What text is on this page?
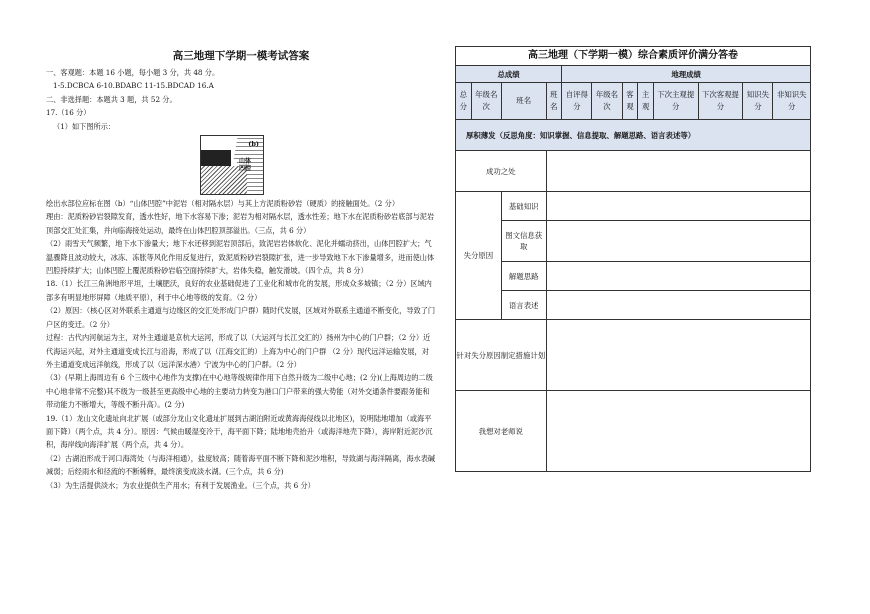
高三地理下学期一模考试答案

一、客观题：本题 16 小题，每小题 3 分，共 48 分。

1-5.DCBCA 6-10.BDABC 11-15.BDCAD 16.A

二、非选择题：本题共 3 题，共 52 分。

17.（16 分）

（1）如下图所示：

(b)
山体
凹腔

绘出水部位应标在图（b）“山体凹腔”中泥岩（相对隔水层）与其上方泥质粉砂岩（硬质）的接触面处。（2 分）

理由：泥质粉砂岩裂隙发育，透水性好，地下水容易下渗；泥岩为相对隔水层，透水性差；地下水在泥质粉砂岩底部与泥岩顶部交汇处汇集，并向临海接处运动，最终在山体凹腔顶部溢出。（三点，共 6 分）

（2）雨雪天气频繁，地下水下渗量大；地下水还移到泥岩顶部后，致泥岩岩体软化、泥化并蠕动挤出，山体凹腔扩大；气温骤降且波动较大，冰冻、冻胀等风化作用反复进行，致泥质粉砂岩裂隙扩张，进一步导致地下水下渗量增多，进而使山体凹腔持续扩大；山体凹腔上覆泥质粉砂岩临空面持续扩大，岩体失稳，触发滑坡。（四个点，共 8 分）

18.（1）长江三角洲地形平坦，土壤肥沃，良好的农业基础促进了工业化和城市化的发展，形成众多城镇；（2 分）区域内部多有明显地形屏障（地质平原），利于中心地等级的发育。（2 分）

（2）原因：（核心区对外联系主通道与边缘区的交汇处形成门户群）随时代发展，区域对外联系主通道不断变化，导致了门户区的变迁。（2 分）

过程：古代内河航运为主，对外主通道是京杭大运河，形成了以（大运河与长江交汇的）扬州为中心的门户群；（2 分）近代海运兴起，对外主通道变成长江与沿海，形成了以（江海交汇的）上海为中心的门户群 （2 分）现代远洋运输发展，对外主通道变成远洋航线，形成了以（远洋深水港）宁波为中心的门户群。（2 分）

（3）(早期上海周边有 6 个三级中心地作为支撑)在中心地等级规律作用下自然升级为二级中心地；(2 分)(上海周边的二级中心地非常不完整)其不级为一级甚至更高级中心地的主要动力转变为港口门户带来的强大势能（对外交通条件要跟务能和带动能力不断增大，等级不断升高）。(2 分)

19.（1）龙山文化遗址向北扩展（或部分龙山文化遗址扩展到古湖泊附近或黄海海侵线以北地区)，说明陆地增加（或海平面下降）（两个点，共 4 分）。原因：气候由暖湿变冷干，海平面下降；陆地地壳抬升（或海洋地壳下降），海岸附近泥沙沉积，海岸线向海洋扩展（两个点，共 4 分）。

（2）古湖泊形成于河口海湾处（与海洋相通），盐度较高；随着海平面不断下降和泥沙堆积，导致湖与海洋隔离，海水表碱减弱；后经雨水和径流的不断稀释，最终演变成淡水湖。(三个点，共 6 分)

（3）为生活提供淡水；为农业提供生产用水；有利于发展渔业。（三个点，共 6 分）

高三地理（下学期一模）综合素质评价满分答卷
总成绩				地理成绩							
总分	年级名次	班名	班名	自评得分	年级名次	客观	主观	下次主观提分	下次客观提分	知识失分	非知识失分
厚积薄发（反思角度：知识掌握、信息提取、解题思路、语言表述等）											
成功之处											
失分原因		基础知识									
		图文信息获取									
		解题思路									
		语言表述									
针对失分原因制定措施计划											
我想对老师说											
